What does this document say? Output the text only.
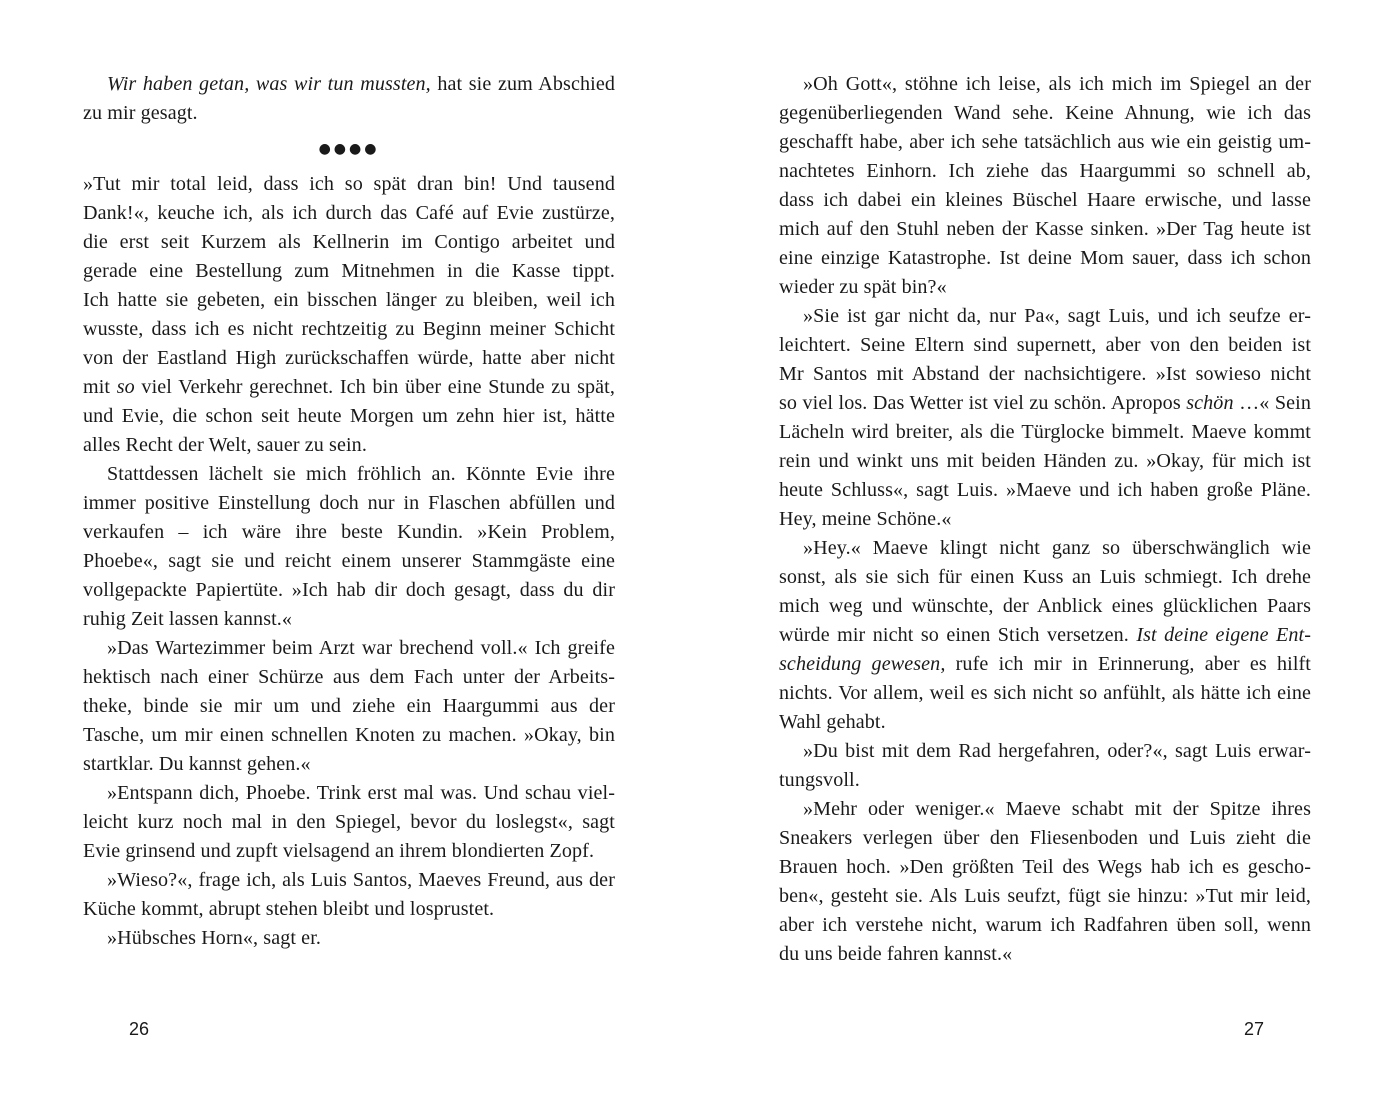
Wir haben getan, was wir tun mussten, hat sie zum Abschied
zu mir gesagt.
●●●●
»Tut mir total leid, dass ich so spät dran bin! Und tausend
Dank!«, keuche ich, als ich durch das Café auf Evie zustürze,
die erst seit Kurzem als Kellnerin im Contigo arbeitet und
gerade eine Bestellung zum Mitnehmen in die Kasse tippt.
Ich hatte sie gebeten, ein bisschen länger zu bleiben, weil ich
wusste, dass ich es nicht rechtzeitig zu Beginn meiner Schicht
von der Eastland High zurückschaffen würde, hatte aber nicht
mit so viel Verkehr gerechnet. Ich bin über eine Stunde zu spät,
und Evie, die schon seit heute Morgen um zehn hier ist, hätte
alles Recht der Welt, sauer zu sein.
Stattdessen lächelt sie mich fröhlich an. Könnte Evie ihre
immer positive Einstellung doch nur in Flaschen abfüllen und
verkaufen – ich wäre ihre beste Kundin. »Kein Problem,
Phoebe«, sagt sie und reicht einem unserer Stammgäste eine
vollgepackte Papiertüte. »Ich hab dir doch gesagt, dass du dir
ruhig Zeit lassen kannst.«
»Das Wartezimmer beim Arzt war brechend voll.« Ich greife
hektisch nach einer Schürze aus dem Fach unter der Arbeits-
theke, binde sie mir um und ziehe ein Haargummi aus der
Tasche, um mir einen schnellen Knoten zu machen. »Okay, bin
startklar. Du kannst gehen.«
»Entspann dich, Phoebe. Trink erst mal was. Und schau viel-
leicht kurz noch mal in den Spiegel, bevor du loslegst«, sagt
Evie grinsend und zupft vielsagend an ihrem blondierten Zopf.
»Wieso?«, frage ich, als Luis Santos, Maeves Freund, aus der
Küche kommt, abrupt stehen bleibt und losprustet.
»Hübsches Horn«, sagt er.
26
»Oh Gott«, stöhne ich leise, als ich mich im Spiegel an der
gegenüberliegenden Wand sehe. Keine Ahnung, wie ich das
geschafft habe, aber ich sehe tatsächlich aus wie ein geistig um-
nachtetes Einhorn. Ich ziehe das Haargummi so schnell ab,
dass ich dabei ein kleines Büschel Haare erwische, und lasse
mich auf den Stuhl neben der Kasse sinken. »Der Tag heute ist
eine einzige Katastrophe. Ist deine Mom sauer, dass ich schon
wieder zu spät bin?«
»Sie ist gar nicht da, nur Pa«, sagt Luis, und ich seufze er-
leichtert. Seine Eltern sind supernett, aber von den beiden ist
Mr Santos mit Abstand der nachsichtigere. »Ist sowieso nicht
so viel los. Das Wetter ist viel zu schön. Apropos schön …« Sein
Lächeln wird breiter, als die Türglocke bimmelt. Maeve kommt
rein und winkt uns mit beiden Händen zu. »Okay, für mich ist
heute Schluss«, sagt Luis. »Maeve und ich haben große Pläne.
Hey, meine Schöne.«
»Hey.« Maeve klingt nicht ganz so überschwänglich wie
sonst, als sie sich für einen Kuss an Luis schmiegt. Ich drehe
mich weg und wünschte, der Anblick eines glücklichen Paars
würde mir nicht so einen Stich versetzen. Ist deine eigene Ent-
scheidung gewesen, rufe ich mir in Erinnerung, aber es hilft
nichts. Vor allem, weil es sich nicht so anfühlt, als hätte ich eine
Wahl gehabt.
»Du bist mit dem Rad hergefahren, oder?«, sagt Luis erwar-
tungsvoll.
»Mehr oder weniger.« Maeve schabt mit der Spitze ihres
Sneakers verlegen über den Fliesenboden und Luis zieht die
Brauen hoch. »Den größten Teil des Wegs hab ich es gescho-
ben«, gesteht sie. Als Luis seufzt, fügt sie hinzu: »Tut mir leid,
aber ich verstehe nicht, warum ich Radfahren üben soll, wenn
du uns beide fahren kannst.«
27
